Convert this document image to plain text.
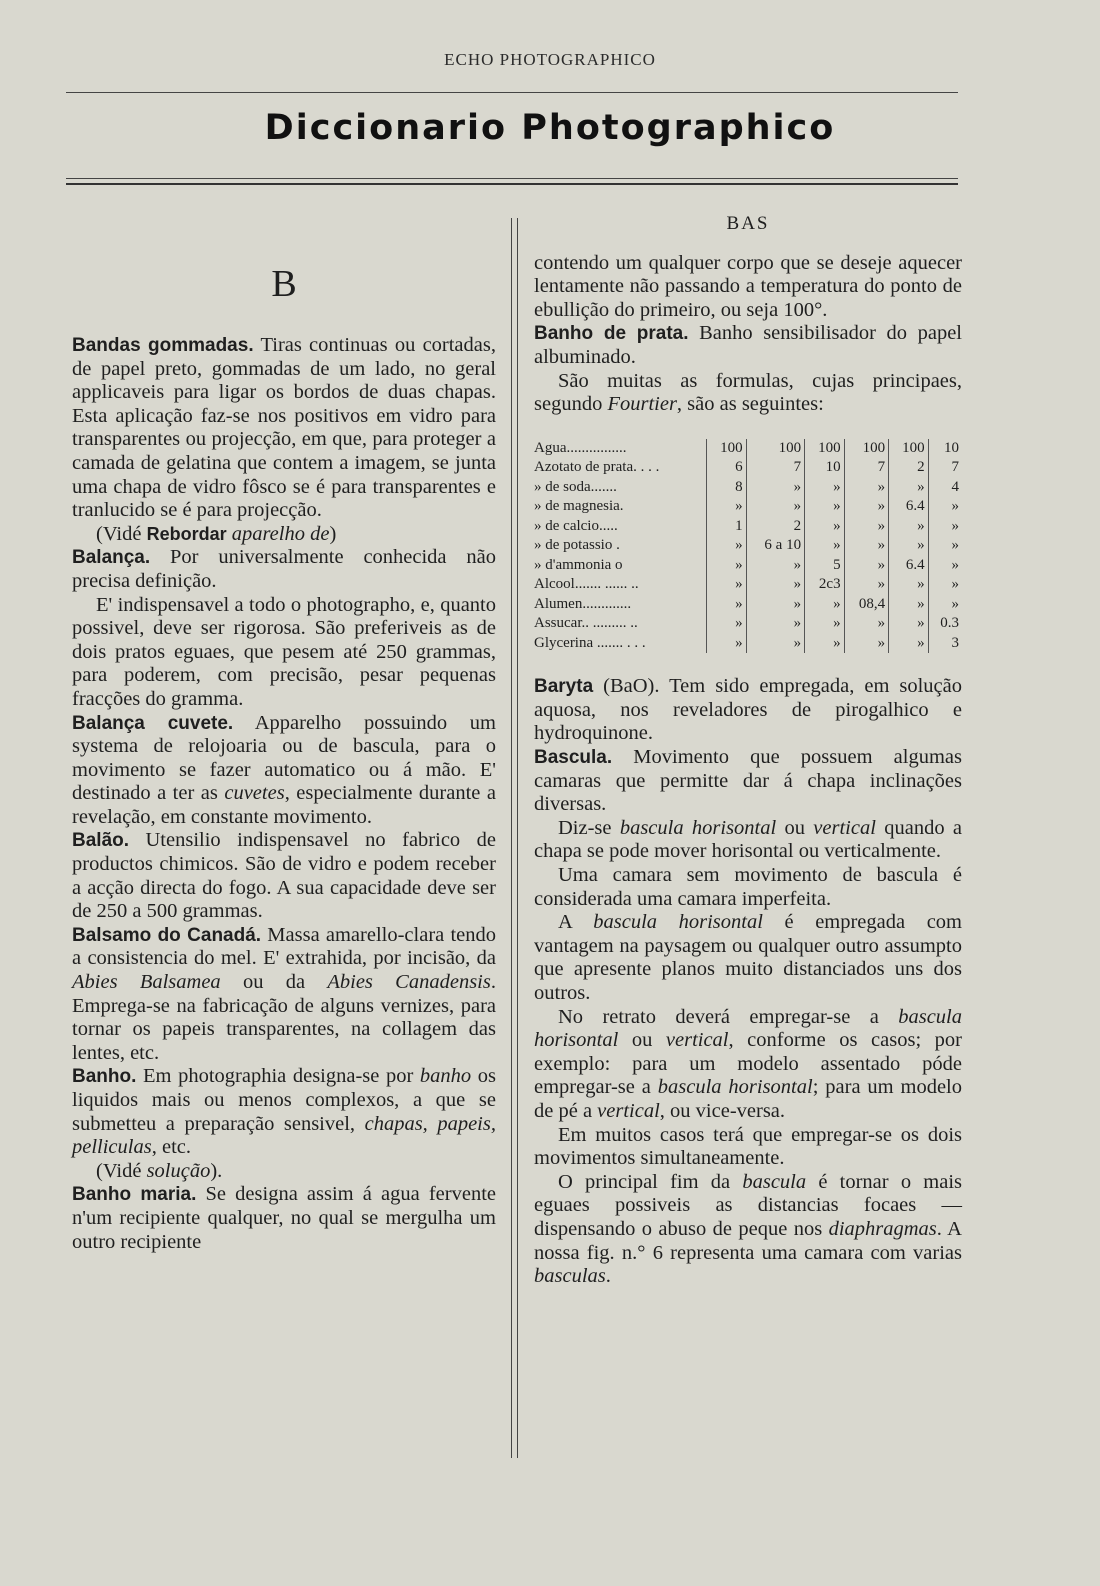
ECHO PHOTOGRAPHICO
Diccionario Photographico
B

Bandas gommadas. Tiras continuas ou cortadas, de papel preto, gommadas de um lado, no geral applicaveis para ligar os bordos de duas chapas. Esta aplicação faz-se nos positivos em vidro para transparentes ou projecção, em que, para proteger a camada de gelatina que contem a imagem, se junta uma chapa de vidro fôsco se é para transparentes e tranlucido se é para projecção.

(Vidé Rebordar aparelho de)

Balança. Por universalmente conhecida não precisa definição.

E' indispensavel a todo o photographo, e, quanto possivel, deve ser rigorosa. São preferiveis as de dois pratos eguaes, que pesem até 250 grammas, para poderem, com precisão, pesar pequenas fracções do gramma.

Balança cuvete. Apparelho possuindo um systema de relojoaria ou de bascula, para o movimento se fazer automatico ou á mão. E' destinado a ter as cuvetes, especialmente durante a revelação, em constante movimento.

Balão. Utensilio indispensavel no fabrico de productos chimicos. São de vidro e podem receber a acção directa do fogo. A sua capacidade deve ser de 250 a 500 grammas.

Balsamo do Canadá. Massa amarello-clara tendo a consistencia do mel. E' extrahida, por incisão, da Abies Balsamea ou da Abies Canadensis. Emprega-se na fabricação de alguns vernizes, para tornar os papeis transparentes, na collagem das lentes, etc.

Banho. Em photographia designa-se por banho os liquidos mais ou menos complexos, a que se submetteu a preparação sensivel, chapas, papeis, pelliculas, etc.

(Vidé solução).

Banho maria. Se designa assim á agua fervente n'um recipiente qualquer, no qual se mergulha um outro recipiente

BAS

contendo um qualquer corpo que se deseje aquecer lentamente não passando a temperatura do ponto de ebullição do primeiro, ou seja 100°.

Banho de prata. Banho sensibilisador do papel albuminado.

São muitas as formulas, cujas principaes, segundo Fourtier, são as seguintes:

Agua................	100	100	100	100	100	10
Azotato de prata. . . .	6	7	10	7	2	7
» de soda.......	8	»	»	»	»	4
» de magnesia.	»	»	»	»	6.4	»
» de calcio.....	1	2	»	»	»	»
» de potassio .	»	6 a 10	»	»	»	»
» d'ammonia o	»	»	5	»	6.4	»
Alcool....... ...... ..	»	»	2c3	»	»	»
Alumen.............	»	»	»	08,4	»	»
Assucar.. ......... ..	»	»	»	»	»	0.3
Glycerina ....... . . .	»	»	»	»	»	3

Baryta (BaO). Tem sido empregada, em solução aquosa, nos reveladores de pirogalhico e hydroquinone.

Bascula. Movimento que possuem algumas camaras que permitte dar á chapa inclinações diversas.

Diz-se bascula horisontal ou vertical quando a chapa se pode mover horisontal ou verticalmente.

Uma camara sem movimento de bascula é considerada uma camara imperfeita.

A bascula horisontal é empregada com vantagem na paysagem ou qualquer outro assumpto que apresente planos muito distanciados uns dos outros.

No retrato deverá empregar-se a bascula horisontal ou vertical, conforme os casos; por exemplo: para um modelo assentado póde empregar-se a bascula horisontal; para um modelo de pé a vertical, ou vice-versa.

Em muitos casos terá que empregar-se os dois movimentos simultaneamente.

O principal fim da bascula é tornar o mais eguaes possiveis as distancias focaes — dispensando o abuso de peque nos diaphragmas. A nossa fig. n.° 6 representa uma camara com varias basculas.
